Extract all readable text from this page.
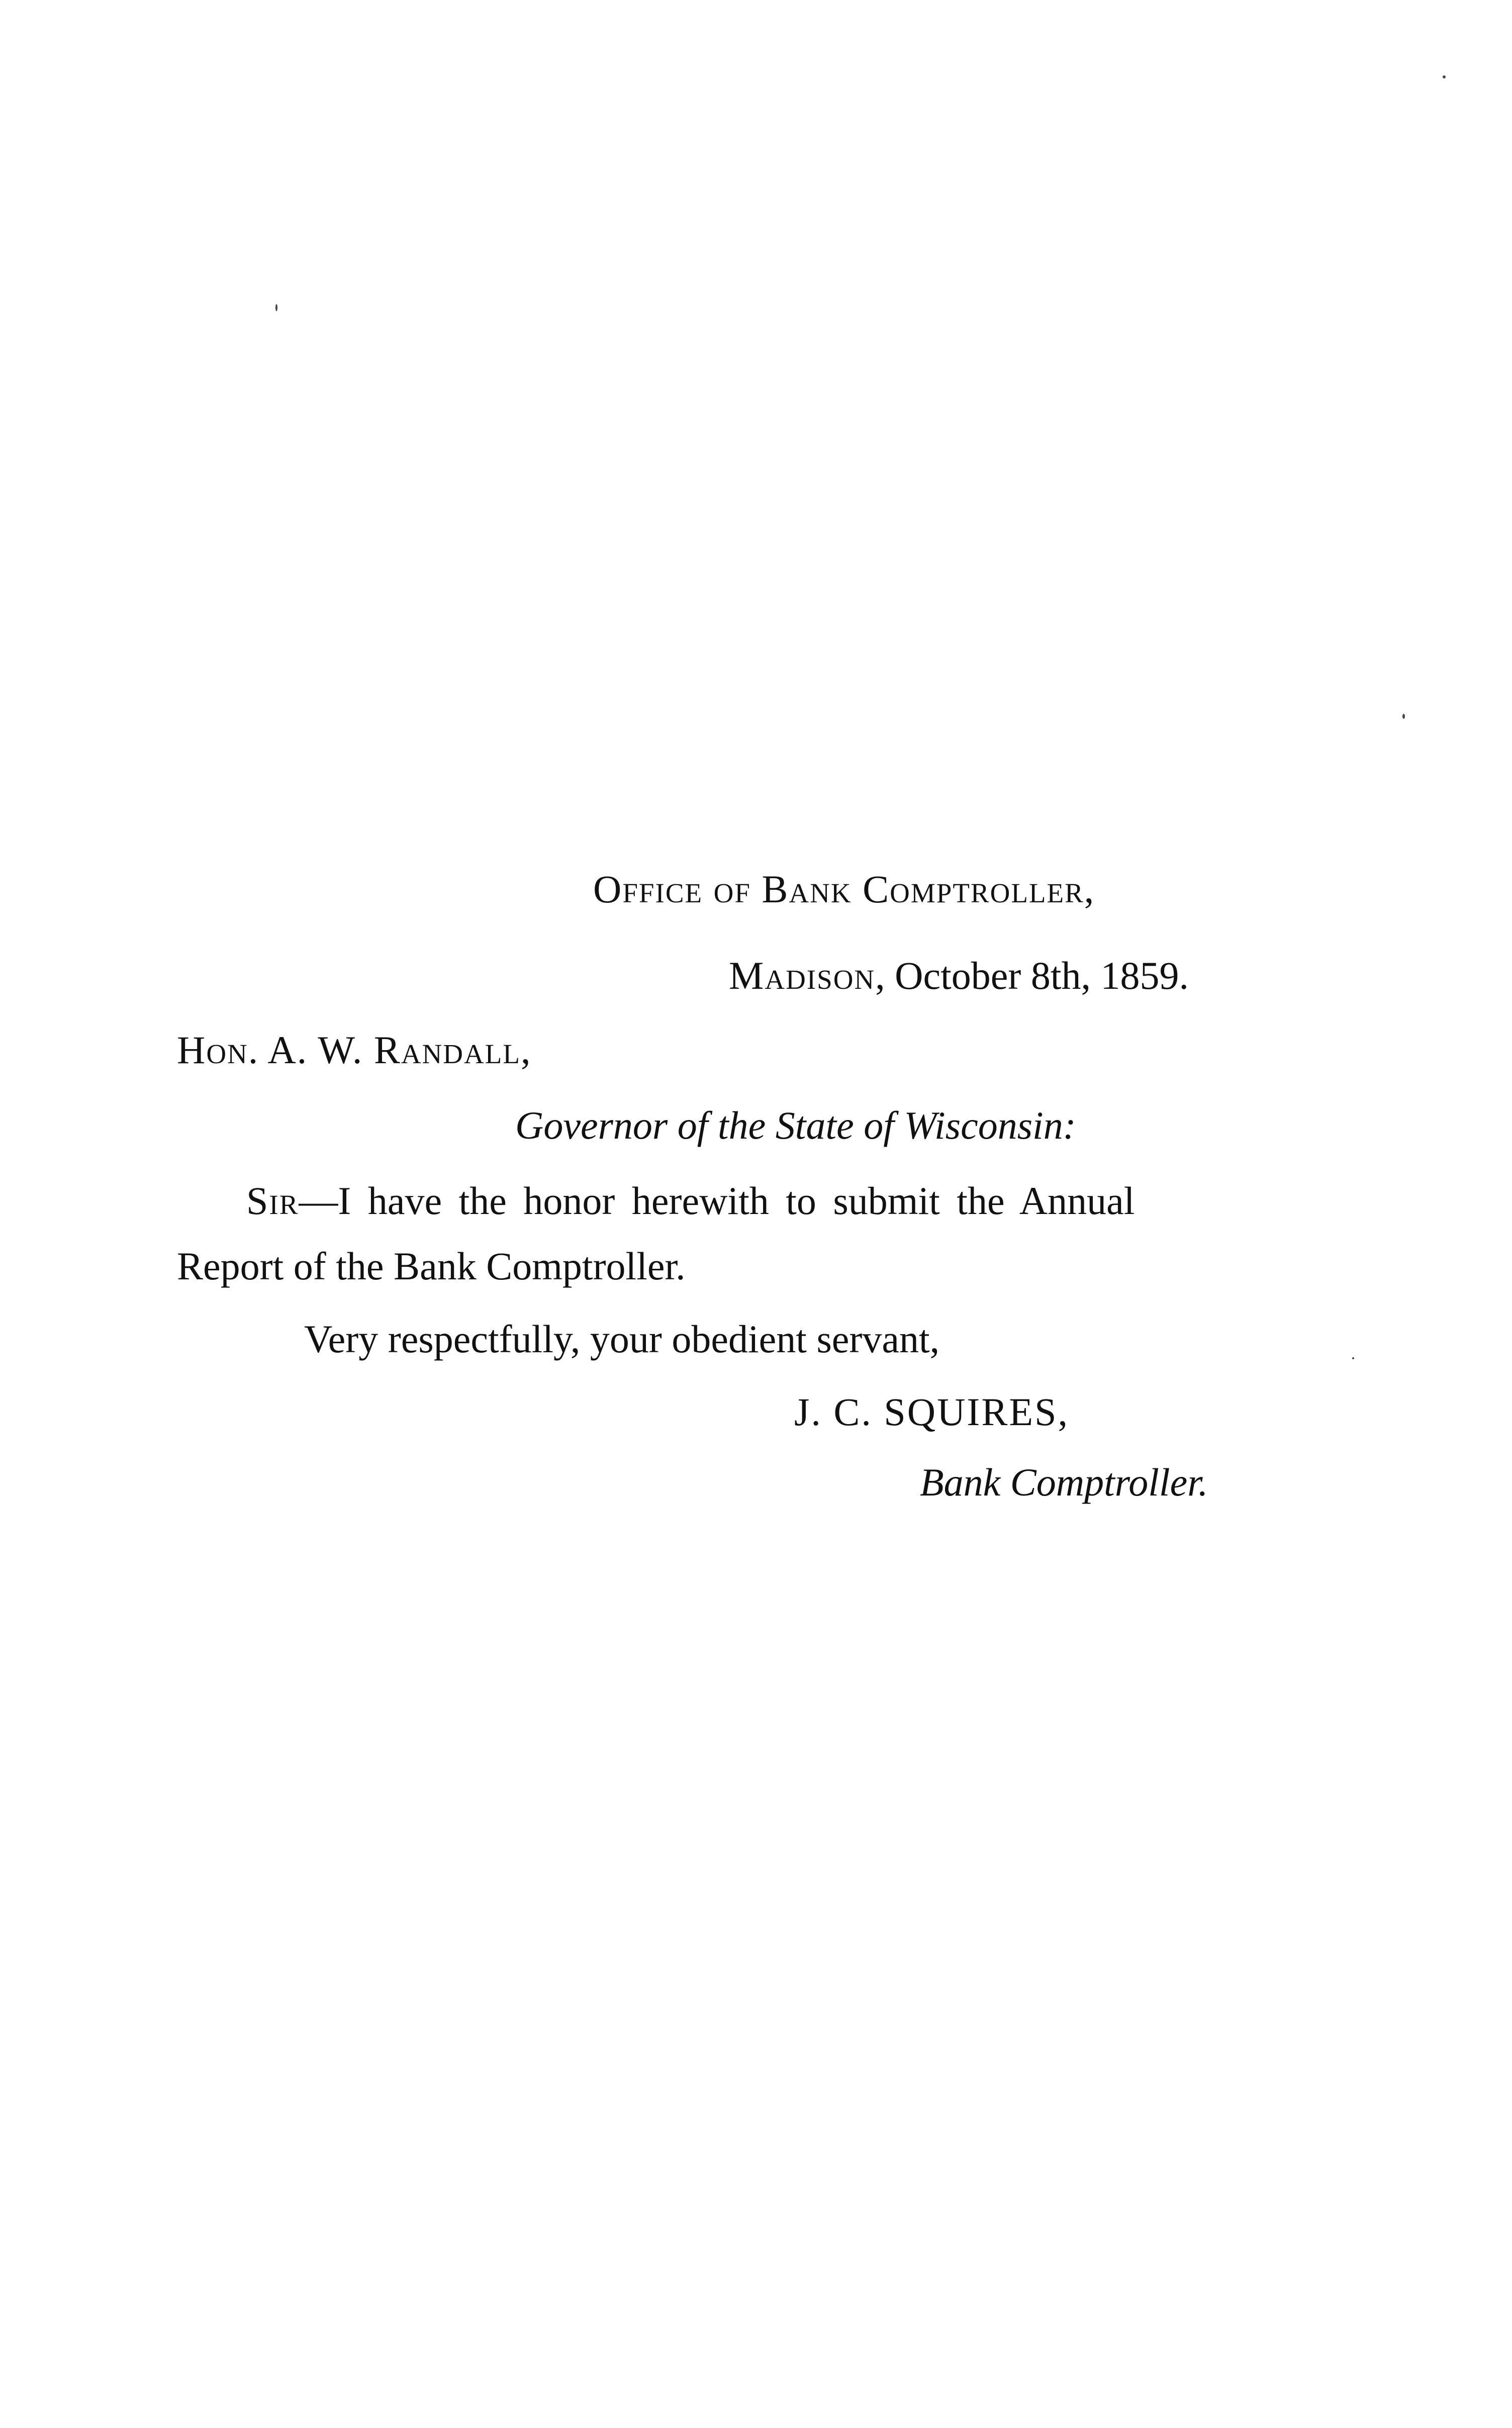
Office of Bank Comptroller,
Madison, October 8th, 1859.
Hon. A. W. Randall,
Governor of the State of Wisconsin:
Sir—I have the honor herewith to submit the Annual
Report of the Bank Comptroller.
Very respectfully, your obedient servant,
J. C. SQUIRES,
Bank Comptroller.
